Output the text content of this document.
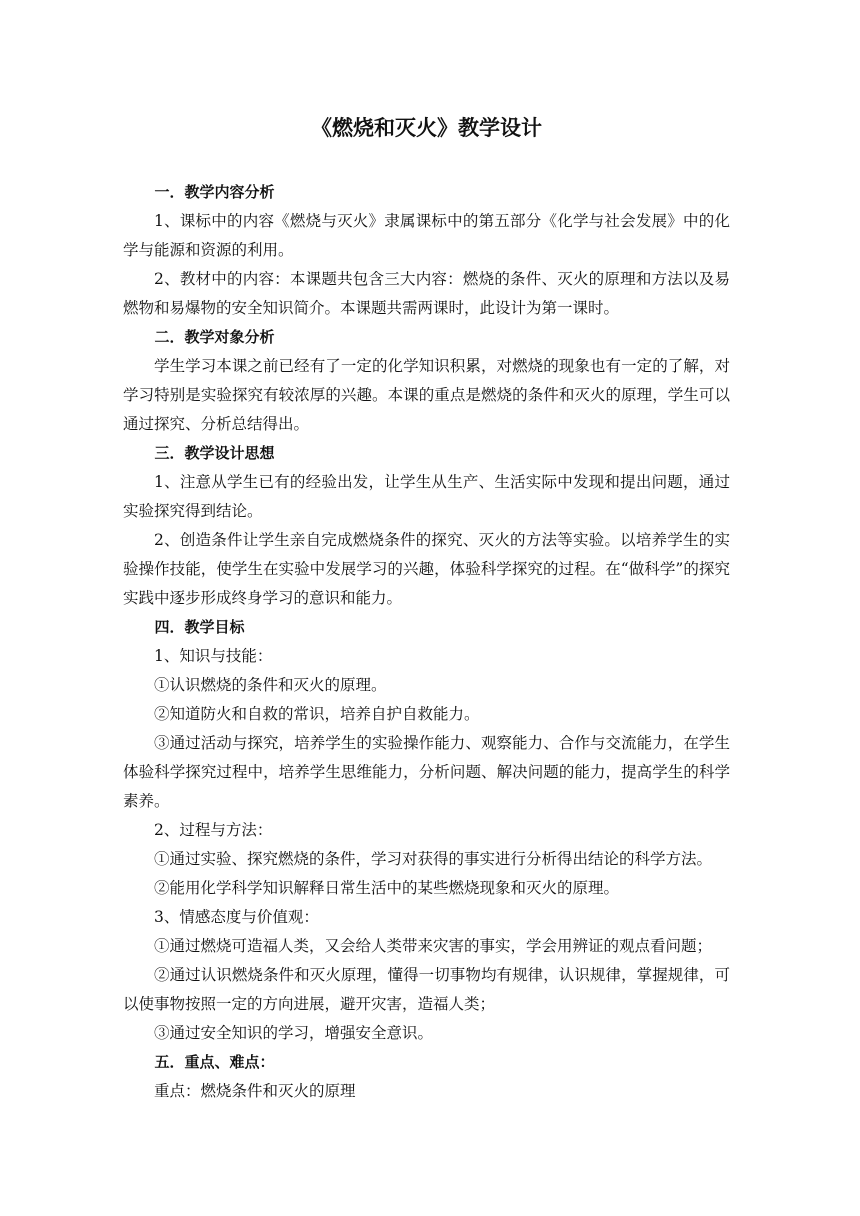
《燃烧和灭火》教学设计
一．教学内容分析
1、课标中的内容《燃烧与灭火》隶属课标中的第五部分《化学与社会发展》中的化学与能源和资源的利用。
2、教材中的内容：本课题共包含三大内容：燃烧的条件、灭火的原理和方法以及易燃物和易爆物的安全知识简介。本课题共需两课时，此设计为第一课时。
二．教学对象分析
学生学习本课之前已经有了一定的化学知识积累，对燃烧的现象也有一定的了解，对学习特别是实验探究有较浓厚的兴趣。本课的重点是燃烧的条件和灭火的原理，学生可以通过探究、分析总结得出。
三．教学设计思想
1、注意从学生已有的经验出发，让学生从生产、生活实际中发现和提出问题，通过实验探究得到结论。
2、创造条件让学生亲自完成燃烧条件的探究、灭火的方法等实验。以培养学生的实验操作技能，使学生在实验中发展学习的兴趣，体验科学探究的过程。在“做科学”的探究实践中逐步形成终身学习的意识和能力。
四．教学目标
1、知识与技能：
①认识燃烧的条件和灭火的原理。
②知道防火和自救的常识，培养自护自救能力。
③通过活动与探究，培养学生的实验操作能力、观察能力、合作与交流能力，在学生体验科学探究过程中，培养学生思维能力，分析问题、解决问题的能力，提高学生的科学素养。
2、过程与方法：
①通过实验、探究燃烧的条件，学习对获得的事实进行分析得出结论的科学方法。
②能用化学科学知识解释日常生活中的某些燃烧现象和灭火的原理。
3、情感态度与价值观：
①通过燃烧可造福人类，又会给人类带来灾害的事实，学会用辨证的观点看问题；
②通过认识燃烧条件和灭火原理，懂得一切事物均有规律，认识规律，掌握规律，可以使事物按照一定的方向进展，避开灾害，造福人类；
③通过安全知识的学习，增强安全意识。
五．重点、难点：
重点：燃烧条件和灭火的原理
